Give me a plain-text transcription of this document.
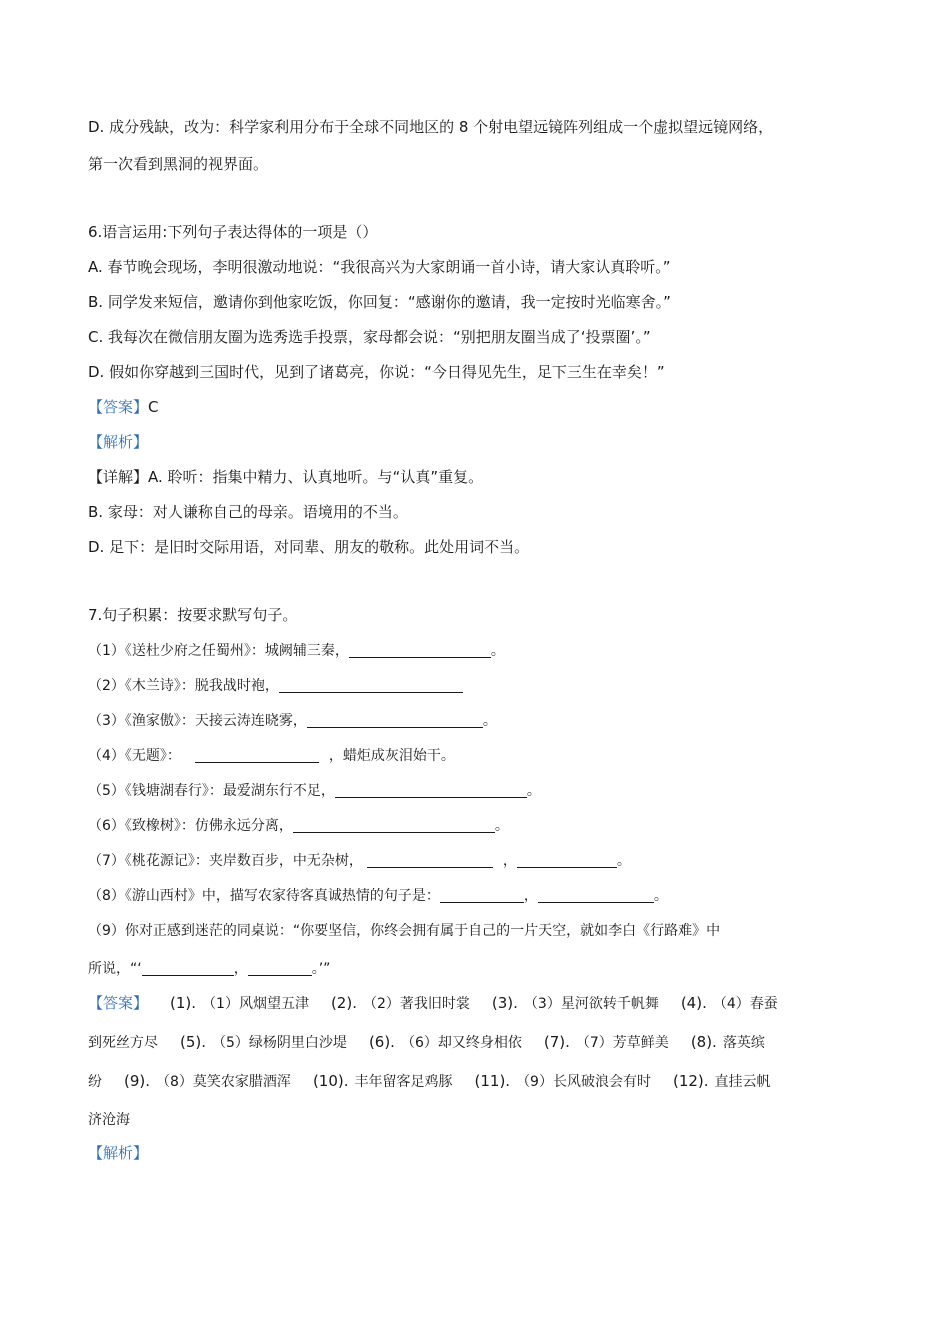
D. 成分残缺，改为：科学家利用分布于全球不同地区的 8 个射电望远镜阵列组成一个虚拟望远镜网络，
第一次看到黑洞的视界面。
6.语言运用:下列句子表达得体的一项是（）
A. 春节晚会现场，李明很激动地说：“我很高兴为大家朗诵一首小诗，请大家认真聆听。”
B. 同学发来短信，邀请你到他家吃饭，你回复：“感谢你的邀请，我一定按时光临寒舍。”
C. 我每次在微信朋友圈为选秀选手投票，家母都会说：“别把朋友圈当成了‘投票圈’。”
D. 假如你穿越到三国时代，见到了诸葛亮，你说：“今日得见先生，足下三生在幸矣！”
【答案】C
【解析】
【详解】A. 聆听：指集中精力、认真地听。与“认真”重复。
B. 家母：对人谦称自己的母亲。语境用的不当。
D. 足下：是旧时交际用语，对同辈、朋友的敬称。此处用词不当。
7.句子积累：按要求默写句子。
（1）《送杜少府之任蜀州》：城阙辅三秦，	。
（2）《木兰诗》：脱我战时袍，
（3）《渔家傲》：天接云涛连晓雾，	。
（4）《无题》：	，蜡炬成灰泪始干。
（5）《钱塘湖春行》：最爱湖东行不足，	。
（6）《致橡树》：仿佛永远分离，	。
（7）《桃花源记》：夹岸数百步，中无杂树，	，	。
（8）《游山西村》中，描写农家待客真诚热情的句子是：	，	。
（9）你对正感到迷茫的同桌说：“你要坚信，你终会拥有属于自己的一片天空，就如李白《行路难》中
所说，“‘	，	。’”
【答案】 (1). （1）风烟望五津 (2). （2）著我旧时裳 (3). （3）星河欲转千帆舞 (4). （4）春蚕
到死丝方尽 (5). （5）绿杨阴里白沙堤 (6). （6）却又终身相依 (7). （7）芳草鲜美 (8). 落英缤
纷 (9). （8）莫笑农家腊酒浑 (10). 丰年留客足鸡豚 (11). （9）长风破浪会有时 (12). 直挂云帆
济沧海
【解析】
